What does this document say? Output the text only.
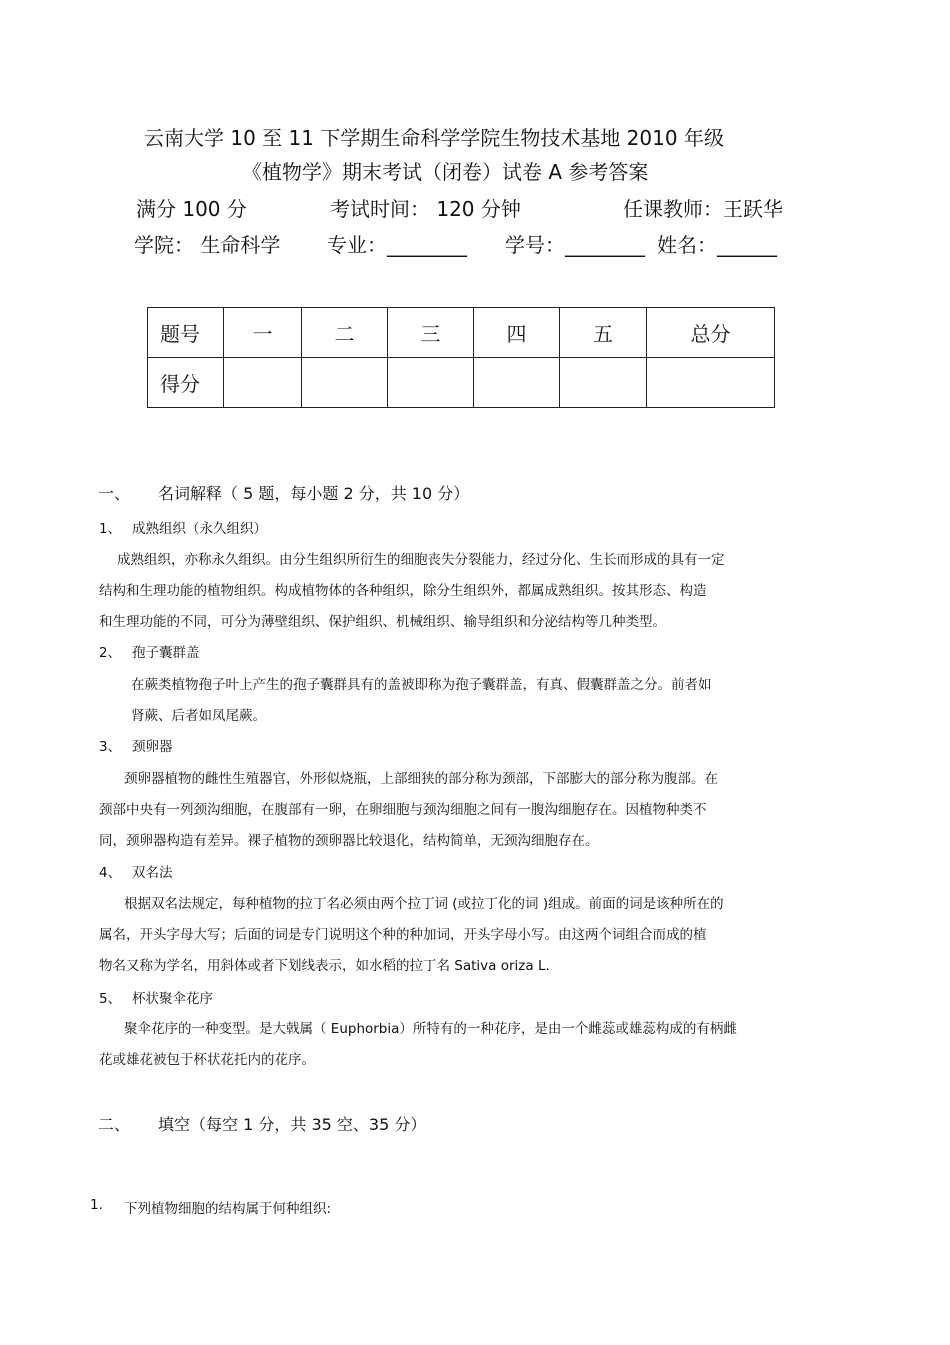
云南大学 10 至 11 下学期生命科学学院生物技术基地 2010 年级
《植物学》期末考试（闭卷）试卷 A 参考答案
满分 100 分	考试时间： 120 分钟	任课教师：王跃华
学院： 生命科学 专业：________ 学号：________ 姓名：______
题号	一	二	三	四	五	总分
得分						
一、 名词解释（ 5 题，每小题 2 分，共 10 分）
1、 成熟组织（永久组织）
成熟组织，亦称永久组织。由分生组织所衍生的细胞丧失分裂能力，经过分化、生长而形成的具有一定
结构和生理功能的植物组织。构成植物体的各种组织，除分生组织外，都属成熟组织。按其形态、构造
和生理功能的不同，可分为薄壁组织、保护组织、机械组织、输导组织和分泌结构等几种类型。
2、 孢子囊群盖
在蕨类植物孢子叶上产生的孢子囊群具有的盖被即称为孢子囊群盖，有真、假囊群盖之分。前者如
肾蕨、后者如凤尾蕨。
3、 颈卵器
颈卵器植物的雌性生殖器官，外形似烧瓶，上部细狭的部分称为颈部，下部膨大的部分称为腹部。在
颈部中央有一列颈沟细胞，在腹部有一卵，在卵细胞与颈沟细胞之间有一腹沟细胞存在。因植物种类不
同，颈卵器构造有差异。裸子植物的颈卵器比较退化，结构简单，无颈沟细胞存在。
4、 双名法
根据双名法规定，每种植物的拉丁名必须由两个拉丁词 (或拉丁化的词 )组成。前面的词是该种所在的
属名，开头字母大写；后面的词是专门说明这个种的种加词，开头字母小写。由这两个词组合而成的植
物名又称为学名，用斜体或者下划线表示，如水稻的拉丁名 Sativa oriza L.
5、 杯状聚伞花序
聚伞花序的一种变型。是大戟属（ Euphorbia）所特有的一种花序，是由一个雌蕊或雄蕊构成的有柄雌
花或雄花被包于杯状花托内的花序。
二、 填空（每空 1 分，共 35 空、35 分）
1. 下列植物细胞的结构属于何种组织:
